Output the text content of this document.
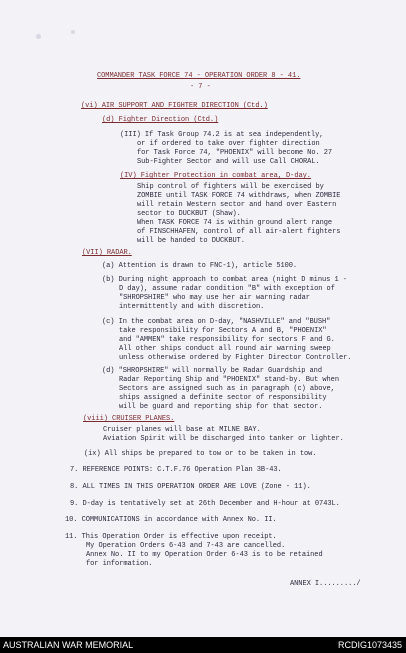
COMMANDER TASK FORCE 74 - OPERATION ORDER 8 - 41.
- 7 -
(vi) AIR SUPPORT AND FIGHTER DIRECTION (Ctd.)
(d) Fighter Direction (Ctd.)
(III) If Task Group 74.2 is at sea independently,
or if ordered to take over fighter direction
for Task Force 74, "PHOENIX" will become No. 27
Sub-Fighter Sector and will use Call CHORAL.
(IV) Fighter Protection in combat area, D-day.
Ship control of fighters will be exercised by
ZOMBIE until TASK FORCE 74 withdraws, when ZOMBIE
will retain Western sector and hand over Eastern
sector to DUCKBUT (Shaw).
When TASK FORCE 74 is within ground alert range
of FINSCHHAFEN, control of all air-alert fighters
will be handed to DUCKBUT.
(VII) RADAR.
(a) Attention is drawn to FNC-1), article 5100.
(b) During night approach to combat area (night D minus 1 -
D day), assume radar condition "B" with exception of
"SHROPSHIRE" who may use her air warning radar
intermittently and with discretion.
(c) In the combat area on D-day, "NASHVILLE" and "BUSH"
take responsibility for Sectors A and B, "PHOENIX"
and "AMMEN" take responsibility for sectors F and G.
All other ships conduct all round air warning sweep
unless otherwise ordered by Fighter Director Controller.
(d) "SHROPSHIRE" will normally be Radar Guardship and
Radar Reporting Ship and "PHOENIX" stand-by. But when
Sectors are assigned such as in paragraph (c) above,
ships assigned a definite sector of responsibility
will be guard and reporting ship for that sector.
(viii) CRUISER PLANES.
Cruiser planes will base at MILNE BAY.
Aviation Spirit will be discharged into tanker or lighter.
(ix) All ships be prepared to tow or to be taken in tow.
7. REFERENCE POINTS: C.T.F.76 Operation Plan 3B-43.
8. ALL TIMES IN THIS OPERATION ORDER ARE LOVE (Zone - 11).
9. D-day is tentatively set at 26th December and H-hour at 0743L.
10. COMMUNICATIONS in accordance with Annex No. II.
11. This Operation Order is effective upon receipt.
My Operation Orders 6-43 and 7-43 are cancelled.
Annex No. II to my Operation Order 6-43 is to be retained
for information.
ANNEX I........./
AUSTRALIAN WAR MEMORIAL	RCDIG1073435
